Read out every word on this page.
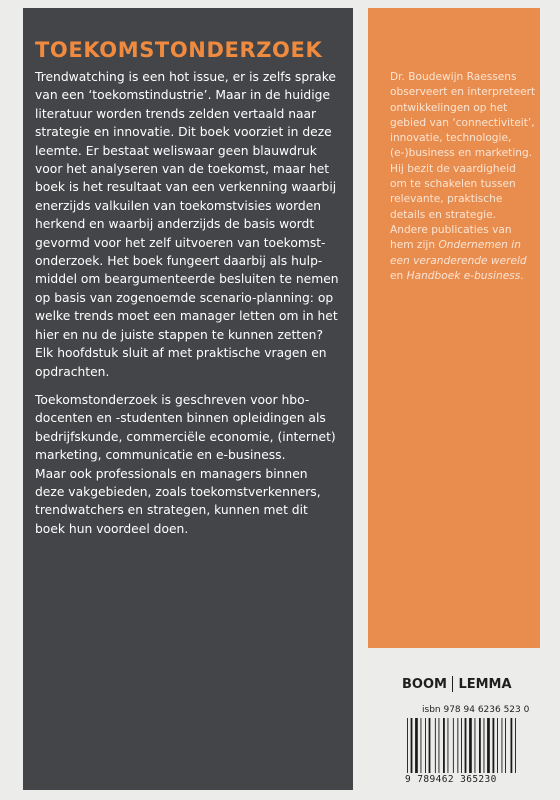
TOEKOMSTONDERZOEK

Trendwatching is een hot issue, er is zelfs sprake
van een ‘toekomstindustrie’. Maar in de huidige
literatuur worden trends zelden vertaald naar
strategie en innovatie. Dit boek voorziet in deze
leemte. Er bestaat weliswaar geen blauwdruk
voor het analyseren van de toekomst, maar het
boek is het resultaat van een verkenning waarbij
enerzijds valkuilen van toekomstvisies worden
herkend en waarbij anderzijds de basis wordt
gevormd voor het zelf uitvoeren van toekomst-
onderzoek. Het boek fungeert daarbij als hulp-
middel om beargumenteerde besluiten te nemen
op basis van zogenoemde scenario-planning: op
welke trends moet een manager letten om in het
hier en nu de juiste stappen te kunnen zetten?
Elk hoofdstuk sluit af met praktische vragen en
opdrachten.

Toekomstonderzoek is geschreven voor hbo-
docenten en -studenten binnen opleidingen als
bedrijfskunde, commerciële economie, (internet)
marketing, communicatie en e-business.
Maar ook professionals en managers binnen
deze vakgebieden, zoals toekomstverkenners,
trendwatchers en strategen, kunnen met dit
boek hun voordeel doen.

Dr. Boudewijn Raessens
observeert en interpreteert
ontwikkelingen op het
gebied van ‘connectiviteit’,
innovatie, technologie,
(e-)business en marketing.
Hij bezit de vaardigheid
om te schakelen tussen
relevante, praktische
details en strategie.
Andere publicaties van
hem zijn Ondernemen in
een veranderende wereld
en Handboek e-business.

BOOM LEMMA
isbn 978 94 6236 523 0
9 789462 365230
